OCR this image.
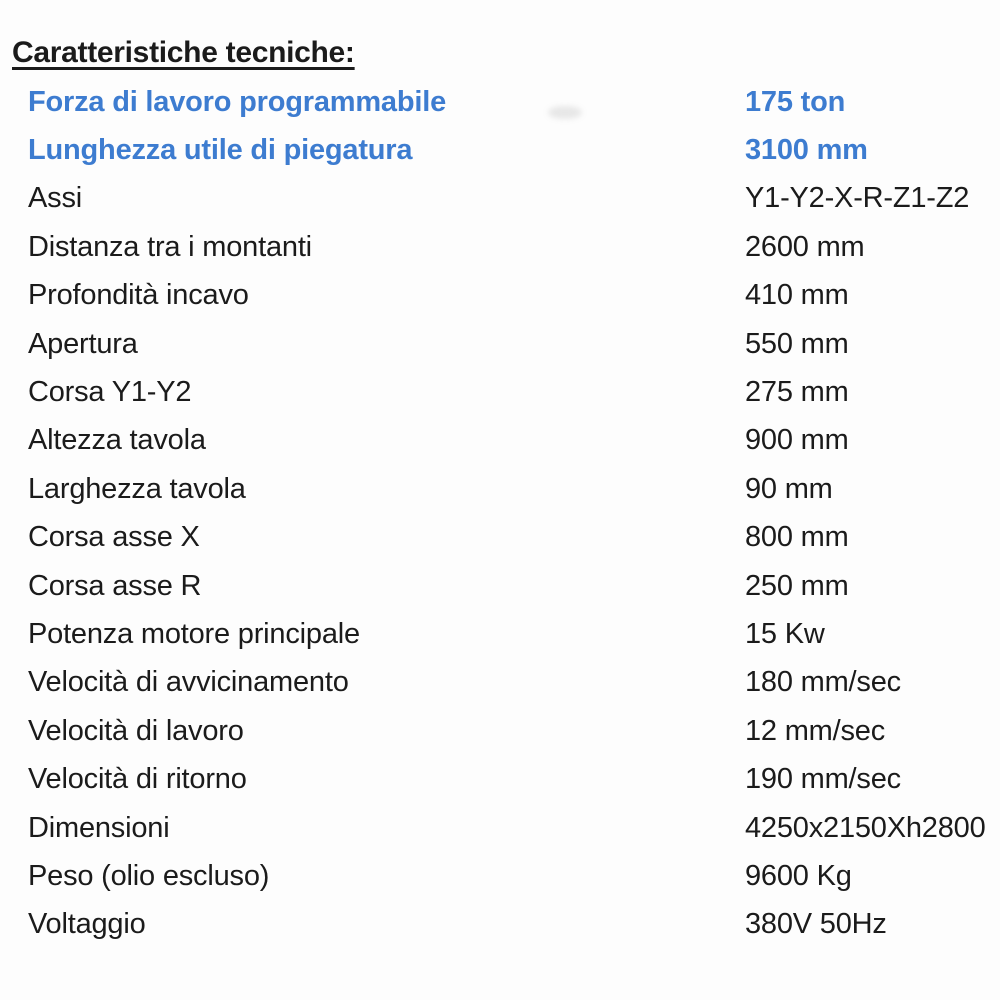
Caratteristiche tecniche:
Forza di lavoro programmabile	175 ton
Lunghezza utile di piegatura	3100 mm
Assi	Y1-Y2-X-R-Z1-Z2
Distanza tra i montanti	2600 mm
Profondità incavo	410 mm
Apertura	550 mm
Corsa Y1-Y2	275 mm
Altezza tavola	900 mm
Larghezza tavola	90 mm
Corsa asse X	800 mm
Corsa asse R	250 mm
Potenza motore principale	15 Kw
Velocità di avvicinamento	180 mm/sec
Velocità di lavoro	12 mm/sec
Velocità di ritorno	190 mm/sec
Dimensioni	4250x2150Xh2800
Peso (olio escluso)	9600 Kg
Voltaggio	380V 50Hz
